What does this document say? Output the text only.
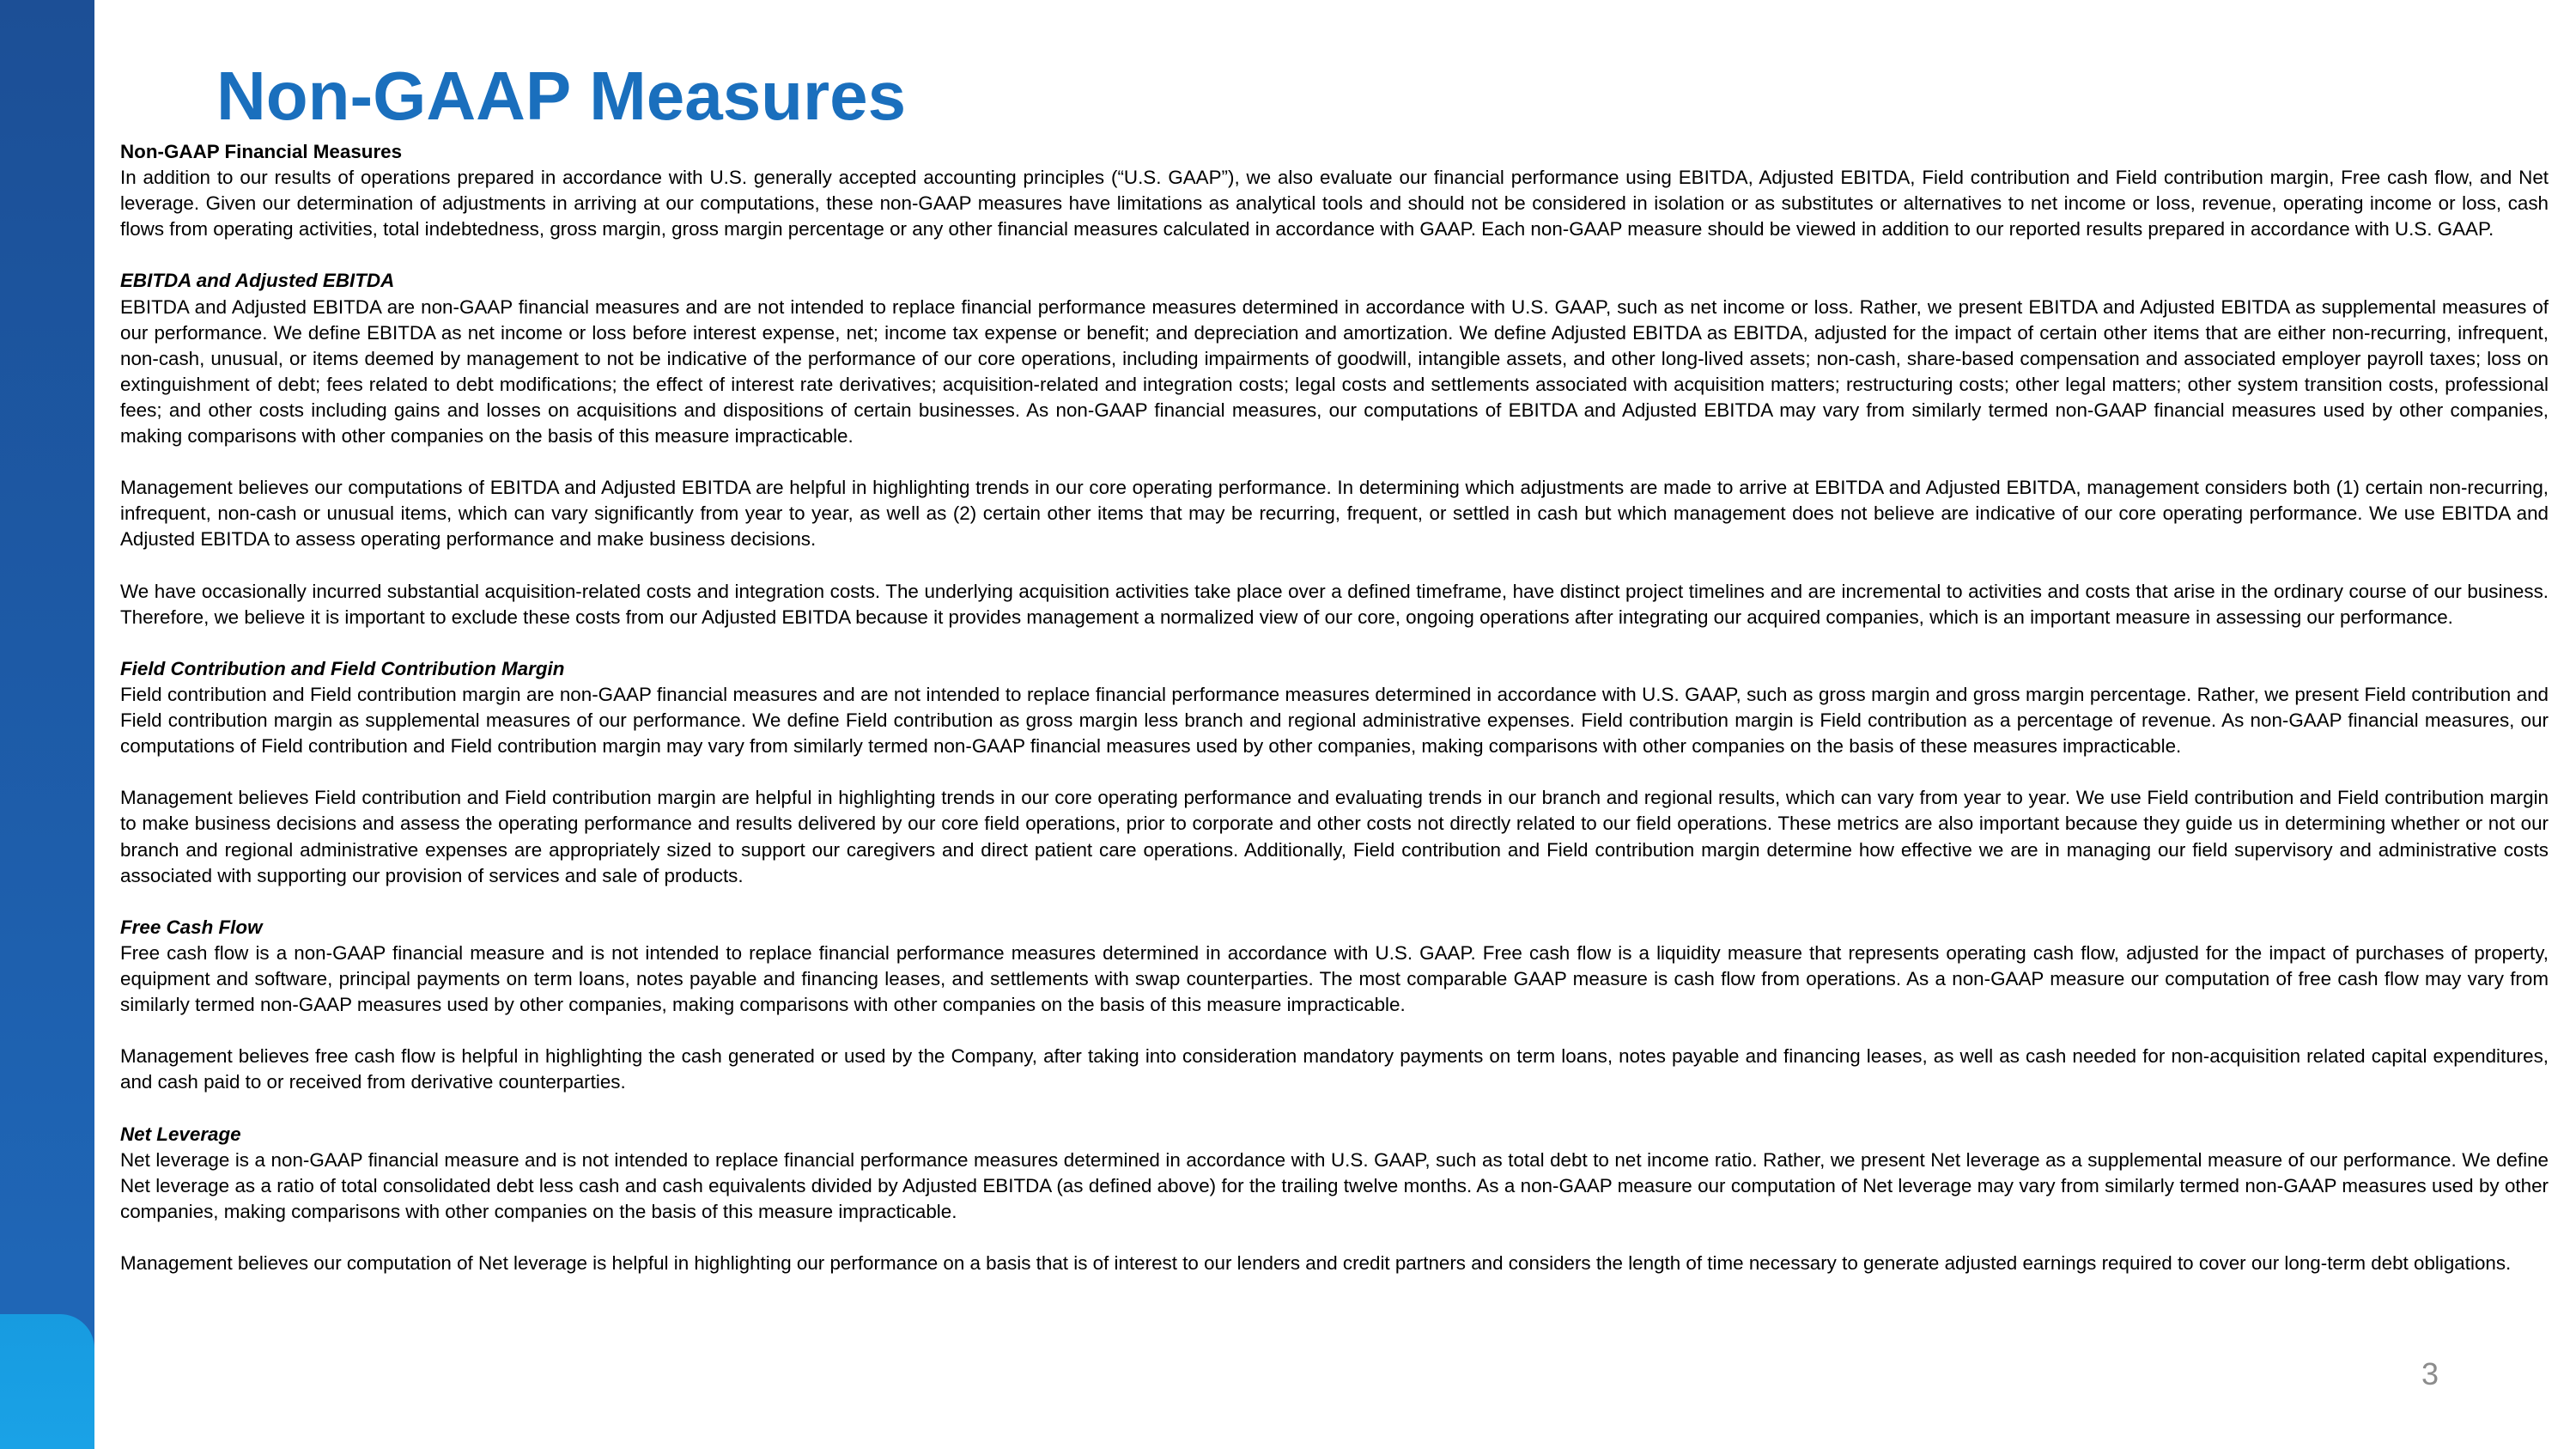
Non-GAAP Measures
Non-GAAP Financial Measures

In addition to our results of operations prepared in accordance with U.S. generally accepted accounting principles (“U.S. GAAP”), we also evaluate our financial performance using EBITDA, Adjusted EBITDA, Field contribution and Field contribution margin, Free cash flow, and Net leverage. Given our determination of adjustments in arriving at our computations, these non-GAAP measures have limitations as analytical tools and should not be considered in isolation or as substitutes or alternatives to net income or loss, revenue, operating income or loss, cash flows from operating activities, total indebtedness, gross margin, gross margin percentage or any other financial measures calculated in accordance with GAAP. Each non-GAAP measure should be viewed in addition to our reported results prepared in accordance with U.S. GAAP.

EBITDA and Adjusted EBITDA

EBITDA and Adjusted EBITDA are non-GAAP financial measures and are not intended to replace financial performance measures determined in accordance with U.S. GAAP, such as net income or loss. Rather, we present EBITDA and Adjusted EBITDA as supplemental measures of our performance. We define EBITDA as net income or loss before interest expense, net; income tax expense or benefit; and depreciation and amortization. We define Adjusted EBITDA as EBITDA, adjusted for the impact of certain other items that are either non-recurring, infrequent, non-cash, unusual, or items deemed by management to not be indicative of the performance of our core operations, including impairments of goodwill, intangible assets, and other long-lived assets; non-cash, share-based compensation and associated employer payroll taxes; loss on extinguishment of debt; fees related to debt modifications; the effect of interest rate derivatives; acquisition-related and integration costs; legal costs and settlements associated with acquisition matters; restructuring costs; other legal matters; other system transition costs, professional fees; and other costs including gains and losses on acquisitions and dispositions of certain businesses. As non-GAAP financial measures, our computations of EBITDA and Adjusted EBITDA may vary from similarly termed non-GAAP financial measures used by other companies, making comparisons with other companies on the basis of this measure impracticable.

Management believes our computations of EBITDA and Adjusted EBITDA are helpful in highlighting trends in our core operating performance. In determining which adjustments are made to arrive at EBITDA and Adjusted EBITDA, management considers both (1) certain non-recurring, infrequent, non-cash or unusual items, which can vary significantly from year to year, as well as (2) certain other items that may be recurring, frequent, or settled in cash but which management does not believe are indicative of our core operating performance. We use EBITDA and Adjusted EBITDA to assess operating performance and make business decisions.

We have occasionally incurred substantial acquisition-related costs and integration costs. The underlying acquisition activities take place over a defined timeframe, have distinct project timelines and are incremental to activities and costs that arise in the ordinary course of our business. Therefore, we believe it is important to exclude these costs from our Adjusted EBITDA because it provides management a normalized view of our core, ongoing operations after integrating our acquired companies, which is an important measure in assessing our performance.

Field Contribution and Field Contribution Margin

Field contribution and Field contribution margin are non-GAAP financial measures and are not intended to replace financial performance measures determined in accordance with U.S. GAAP, such as gross margin and gross margin percentage. Rather, we present Field contribution and Field contribution margin as supplemental measures of our performance. We define Field contribution as gross margin less branch and regional administrative expenses. Field contribution margin is Field contribution as a percentage of revenue. As non-GAAP financial measures, our computations of Field contribution and Field contribution margin may vary from similarly termed non-GAAP financial measures used by other companies, making comparisons with other companies on the basis of these measures impracticable.

Management believes Field contribution and Field contribution margin are helpful in highlighting trends in our core operating performance and evaluating trends in our branch and regional results, which can vary from year to year. We use Field contribution and Field contribution margin to make business decisions and assess the operating performance and results delivered by our core field operations, prior to corporate and other costs not directly related to our field operations. These metrics are also important because they guide us in determining whether or not our branch and regional administrative expenses are appropriately sized to support our caregivers and direct patient care operations. Additionally, Field contribution and Field contribution margin determine how effective we are in managing our field supervisory and administrative costs associated with supporting our provision of services and sale of products.

Free Cash Flow

Free cash flow is a non-GAAP financial measure and is not intended to replace financial performance measures determined in accordance with U.S. GAAP. Free cash flow is a liquidity measure that represents operating cash flow, adjusted for the impact of purchases of property, equipment and software, principal payments on term loans, notes payable and financing leases, and settlements with swap counterparties. The most comparable GAAP measure is cash flow from operations. As a non-GAAP measure our computation of free cash flow may vary from similarly termed non-GAAP measures used by other companies, making comparisons with other companies on the basis of this measure impracticable.

Management believes free cash flow is helpful in highlighting the cash generated or used by the Company, after taking into consideration mandatory payments on term loans, notes payable and financing leases, as well as cash needed for non-acquisition related capital expenditures, and cash paid to or received from derivative counterparties.

Net Leverage

Net leverage is a non-GAAP financial measure and is not intended to replace financial performance measures determined in accordance with U.S. GAAP, such as total debt to net income ratio. Rather, we present Net leverage as a supplemental measure of our performance. We define Net leverage as a ratio of total consolidated debt less cash and cash equivalents divided by Adjusted EBITDA (as defined above) for the trailing twelve months. As a non-GAAP measure our computation of Net leverage may vary from similarly termed non-GAAP measures used by other companies, making comparisons with other companies on the basis of this measure impracticable.

Management believes our computation of Net leverage is helpful in highlighting our performance on a basis that is of interest to our lenders and credit partners and considers the length of time necessary to generate adjusted earnings required to cover our long-term debt obligations.

3
